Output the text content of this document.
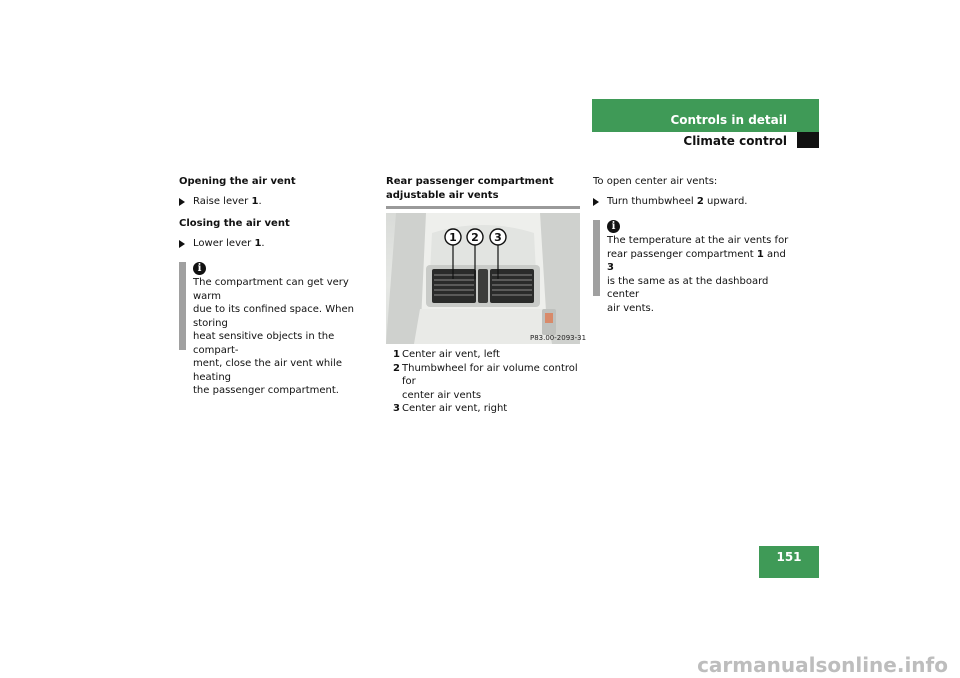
Controls in detail
Climate control
Opening the air vent
Raise lever 1.
Closing the air vent
Lower lever 1.
i
The compartment can get very warm
due to its confined space. When storing
heat sensitive objects in the compart-
ment, close the air vent while heating
the passenger compartment.
Rear passenger compartment
adjustable air vents
1 2 3
P83.00-2093-31
1 Center air vent, left
2 Thumbwheel for air volume control for
center air vents
3 Center air vent, right
To open center air vents:
Turn thumbwheel 2 upward.
i
The temperature at the air vents for
rear passenger compartment 1 and 3
is the same as at the dashboard center
air vents.
151
carmanualsonline.info
